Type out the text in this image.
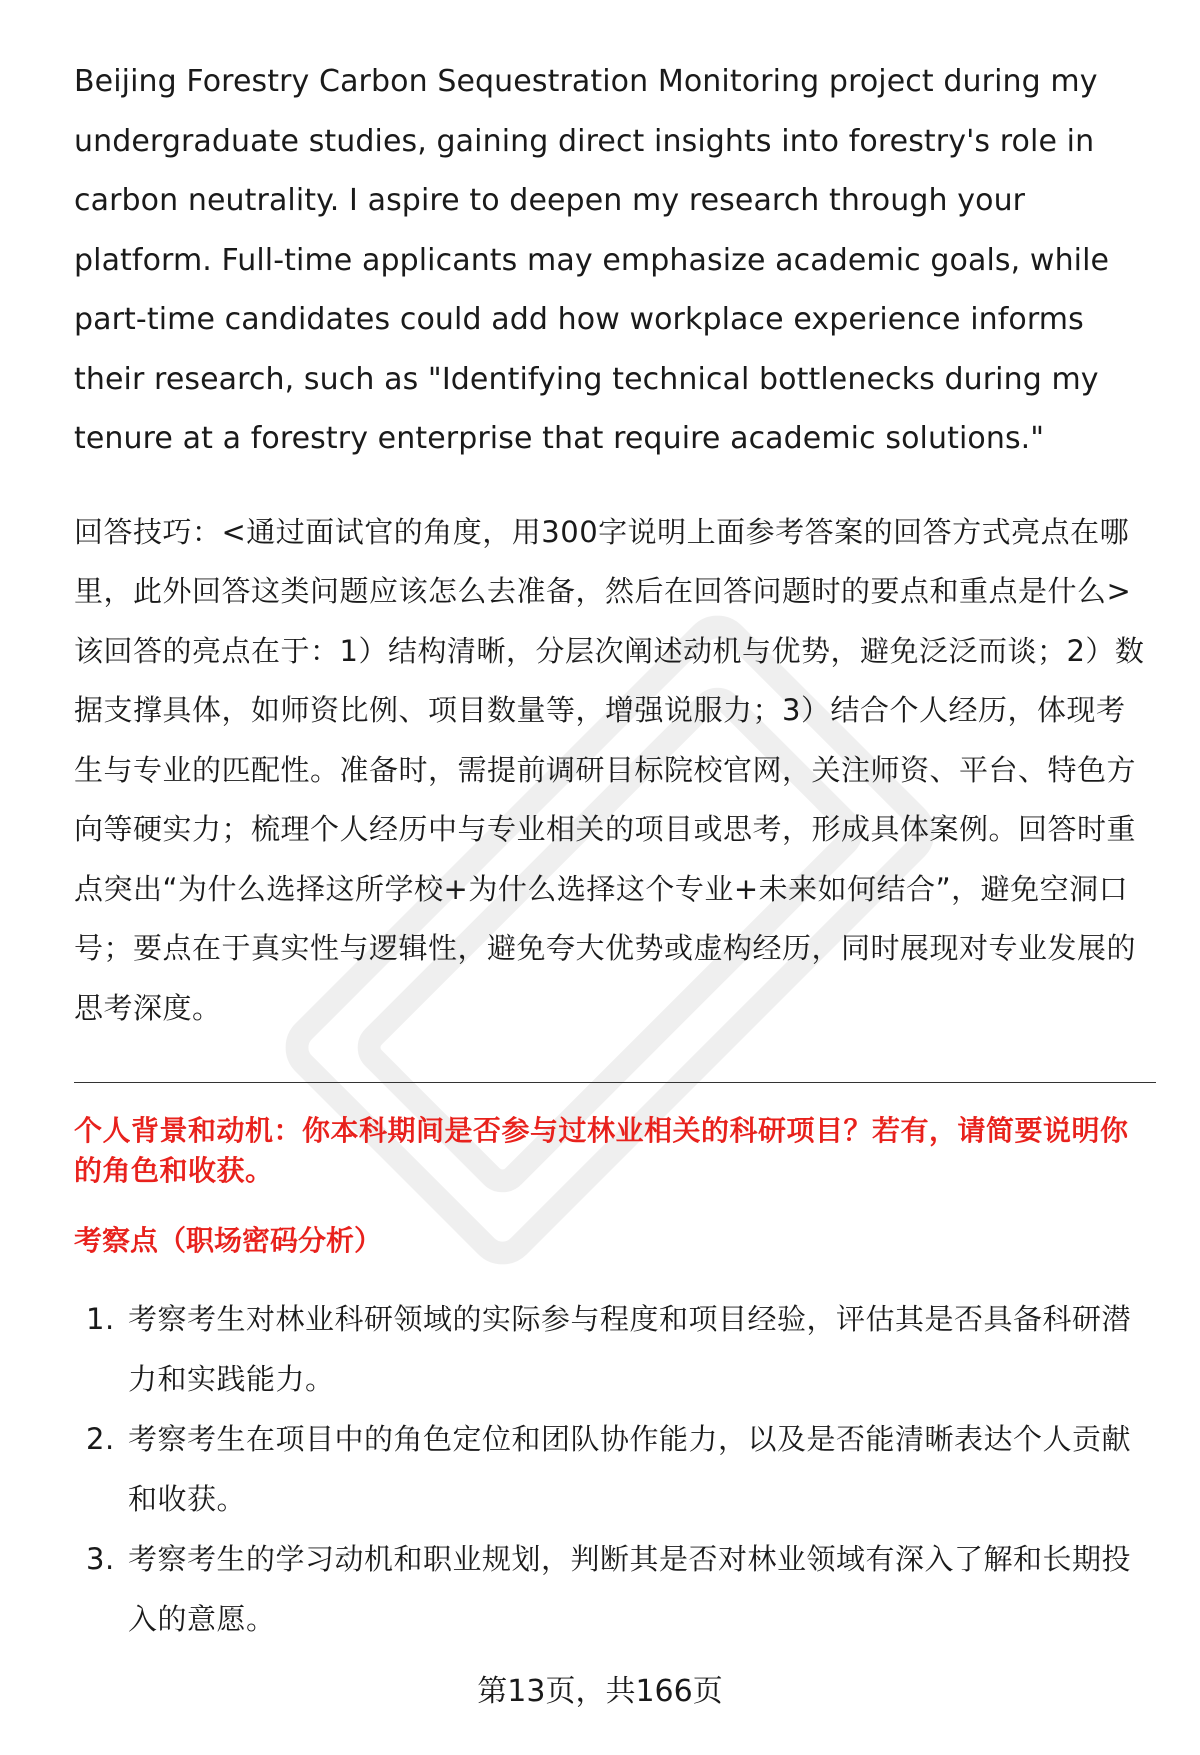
Beijing Forestry Carbon Sequestration Monitoring project during my undergraduate studies, gaining direct insights into forestry's role in carbon neutrality. I aspire to deepen my research through your platform. Full-time applicants may emphasize academic goals, while part-time candidates could add how workplace experience informs their research, such as "Identifying technical bottlenecks during my tenure at a forestry enterprise that require academic solutions."

回答技巧：<通过面试官的角度，用300字说明上面参考答案的回答方式亮点在哪里，此外回答这类问题应该怎么去准备，然后在回答问题时的要点和重点是什么>该回答的亮点在于：1）结构清晰，分层次阐述动机与优势，避免泛泛而谈；2）数据支撑具体，如师资比例、项目数量等，增强说服力；3）结合个人经历，体现考生与专业的匹配性。准备时，需提前调研目标院校官网，关注师资、平台、特色方向等硬实力；梳理个人经历中与专业相关的项目或思考，形成具体案例。回答时重点突出“为什么选择这所学校+为什么选择这个专业+未来如何结合”，避免空洞口号；要点在于真实性与逻辑性，避免夸大优势或虚构经历，同时展现对专业发展的思考深度。

个人背景和动机：你本科期间是否参与过林业相关的科研项目？若有，请简要说明你的角色和收获。
考察点（职场密码分析）
1. 考察考生对林业科研领域的实际参与程度和项目经验，评估其是否具备科研潜力和实践能力。
2. 考察考生在项目中的角色定位和团队协作能力，以及是否能清晰表达个人贡献和收获。
3. 考察考生的学习动机和职业规划，判断其是否对林业领域有深入了解和长期投入的意愿。
第13页，共166页
